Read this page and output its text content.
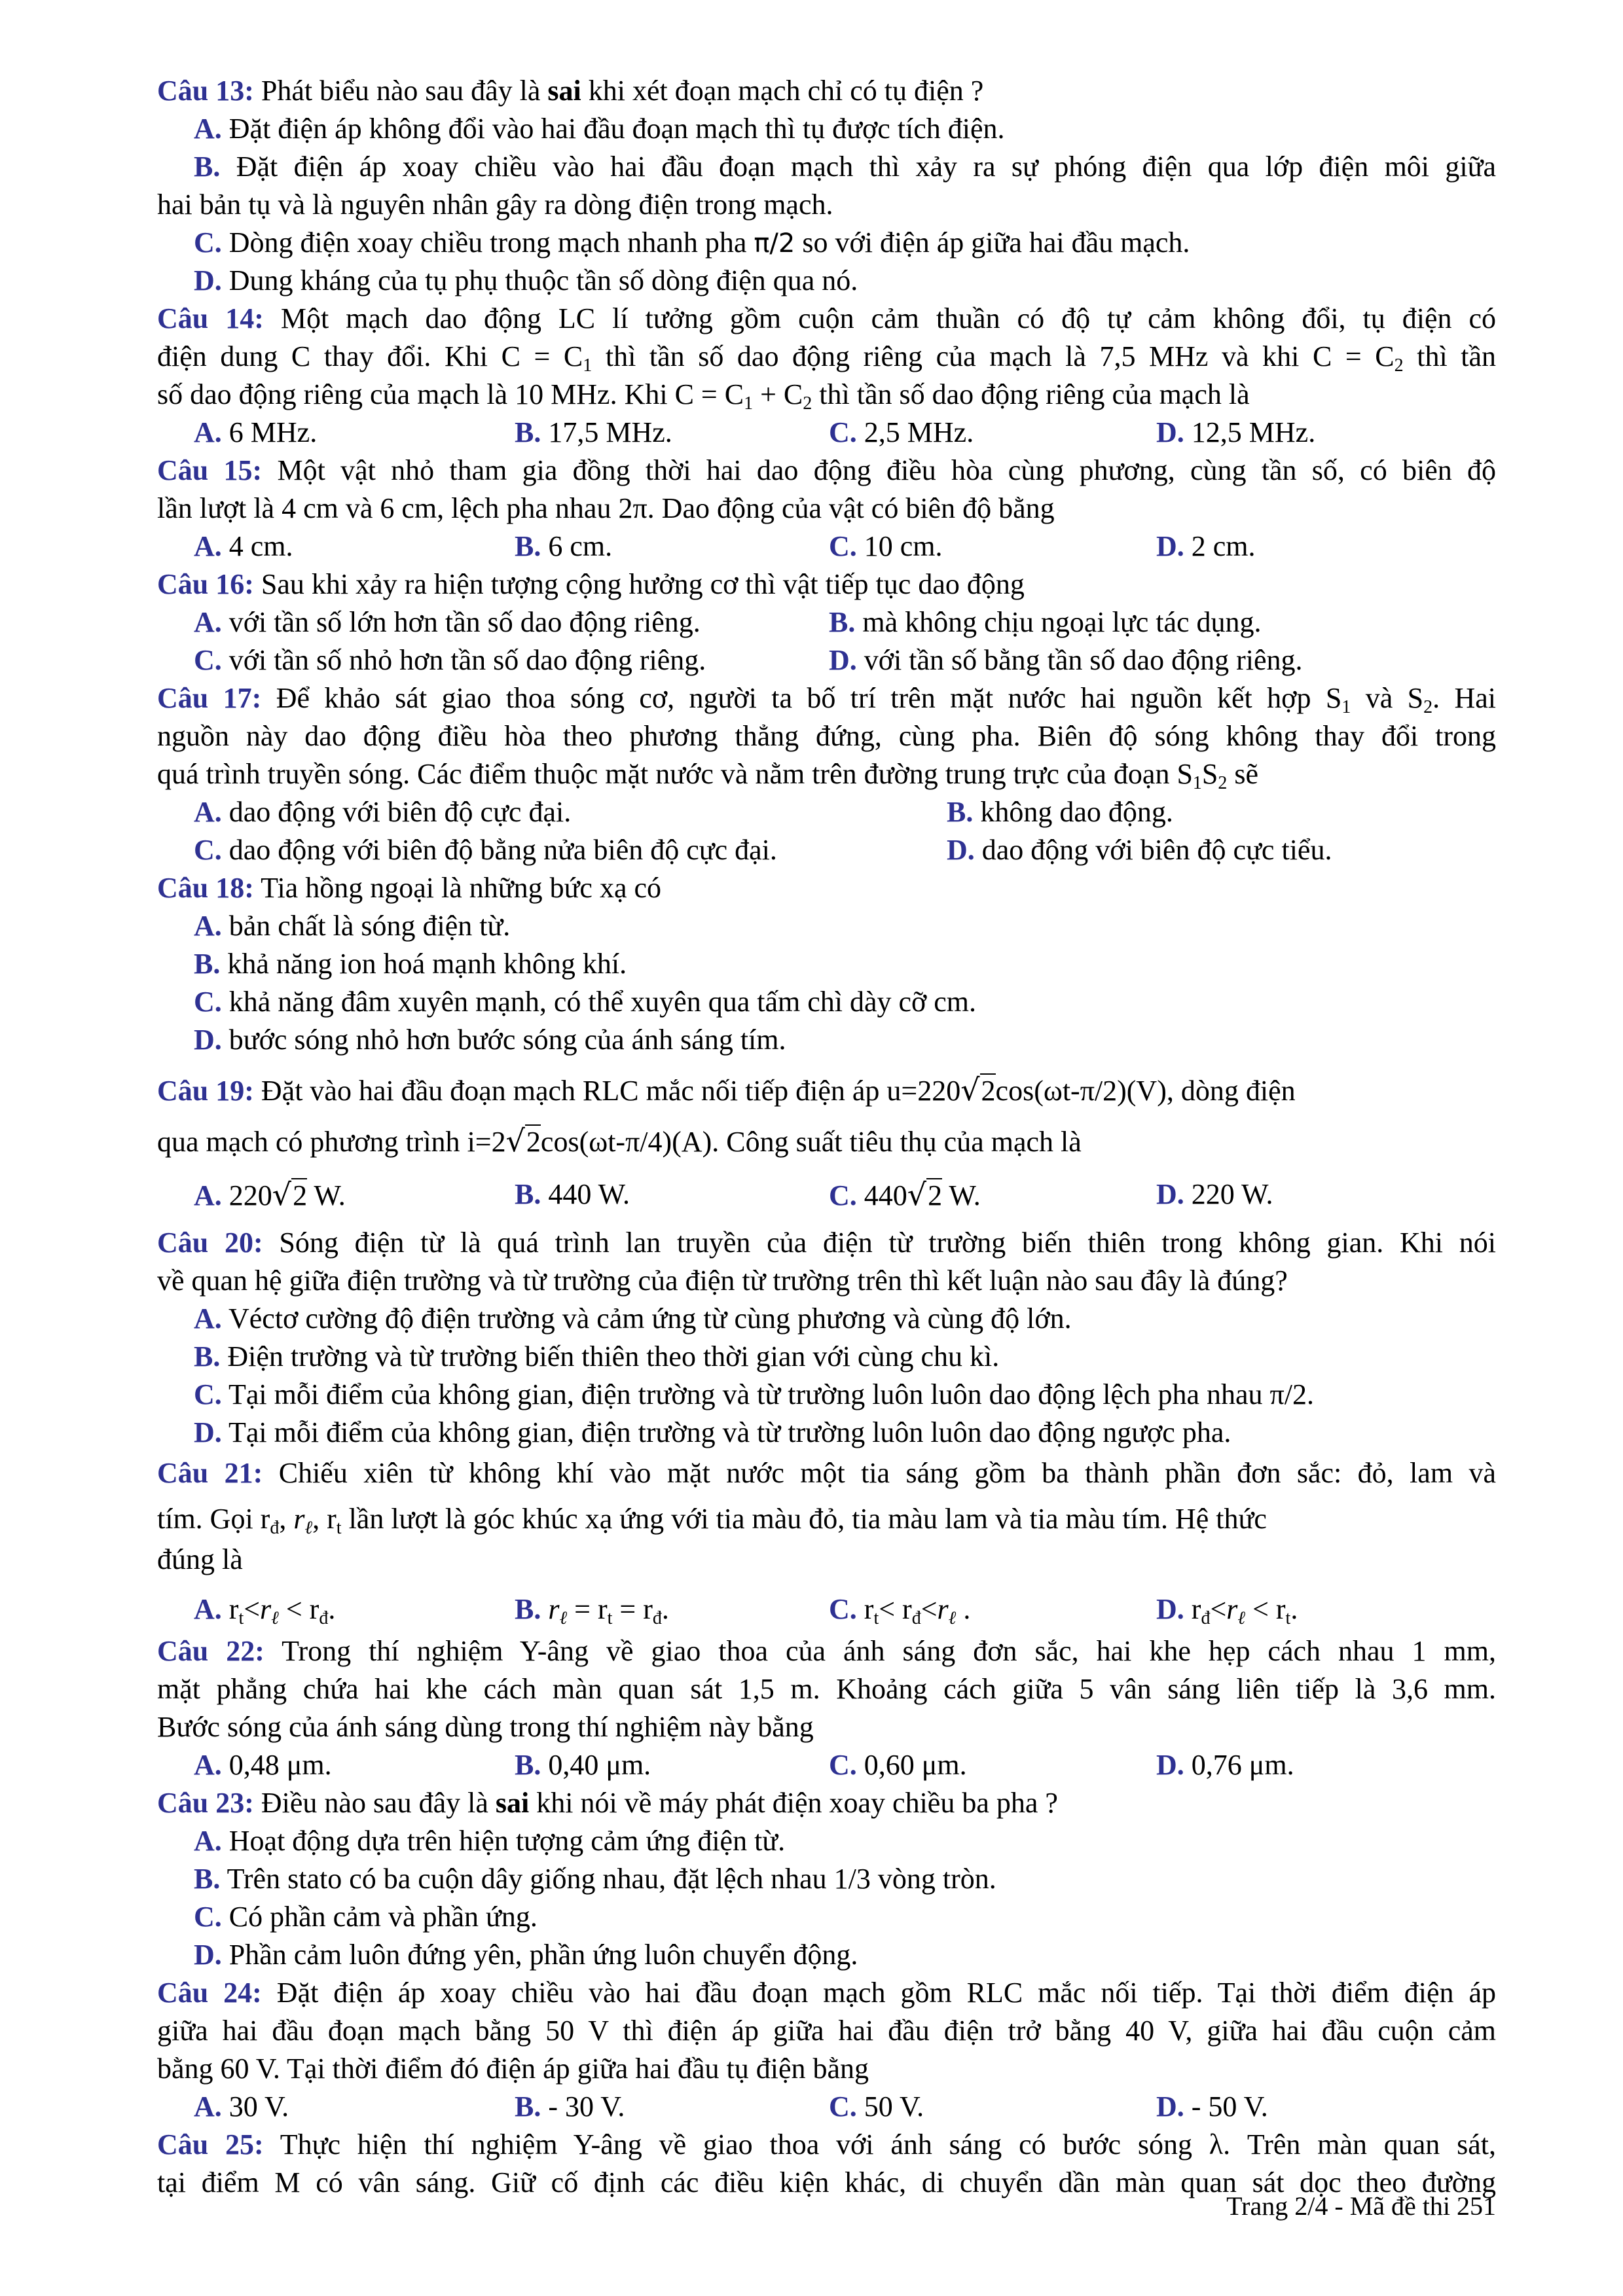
Câu 13: Phát biểu nào sau đây là sai khi xét đoạn mạch chỉ có tụ điện ?
A. Đặt điện áp không đổi vào hai đầu đoạn mạch thì tụ được tích điện.
B. Đặt điện áp xoay chiều vào hai đầu đoạn mạch thì xảy ra sự phóng điện qua lớp điện môi giữa
hai bản tụ và là nguyên nhân gây ra dòng điện trong mạch.
C. Dòng điện xoay chiều trong mạch nhanh pha π/2 so với điện áp giữa hai đầu mạch.
D. Dung kháng của tụ phụ thuộc tần số dòng điện qua nó.
Câu 14: Một mạch dao động LC lí tưởng gồm cuộn cảm thuần có độ tự cảm không đổi, tụ điện có
điện dung C thay đổi. Khi $C = C_1$ thì tần số dao động riêng của mạch là 7,5 MHz và khi $C = C_2$ thì tần
số dao động riêng của mạch là 10 MHz. Khi $C = C_1 + C_2$ thì tần số dao động riêng của mạch là
A. 6 MHz.	B. 17,5 MHz.	C. 2,5 MHz.	D. 12,5 MHz.
Câu 15: Một vật nhỏ tham gia đồng thời hai dao động điều hòa cùng phương, cùng tần số, có biên độ
lần lượt là 4 cm và 6 cm, lệch pha nhau 2π. Dao động của vật có biên độ bằng
A. 4 cm.	B. 6 cm.	C. 10 cm.	D. 2 cm.
Câu 16: Sau khi xảy ra hiện tượng cộng hưởng cơ thì vật tiếp tục dao động
A. với tần số lớn hơn tần số dao động riêng.	B. mà không chịu ngoại lực tác dụng.
C. với tần số nhỏ hơn tần số dao động riêng.	D. với tần số bằng tần số dao động riêng.
Câu 17: Để khảo sát giao thoa sóng cơ, người ta bố trí trên mặt nước hai nguồn kết hợp $S_1$ và $S_2$. Hai
nguồn này dao động điều hòa theo phương thẳng đứng, cùng pha. Biên độ sóng không thay đổi trong
quá trình truyền sóng. Các điểm thuộc mặt nước và nằm trên đường trung trực của đoạn $S_1S_2$ sẽ
A. dao động với biên độ cực đại.	B. không dao động.
C. dao động với biên độ bằng nửa biên độ cực đại.	D. dao động với biên độ cực tiểu.
Câu 18: Tia hồng ngoại là những bức xạ có
A. bản chất là sóng điện từ.
B. khả năng ion hoá mạnh không khí.
C. khả năng đâm xuyên mạnh, có thể xuyên qua tấm chì dày cỡ cm.
D. bước sóng nhỏ hơn bước sóng của ánh sáng tím.
Câu 19: Đặt vào hai đầu đoạn mạch RLC mắc nối tiếp điện áp u=220√2cos(ωt-π/2)(V), dòng điện
qua mạch có phương trình i=2√2cos(ωt-π/4)(A). Công suất tiêu thụ của mạch là
A. 220√2 W.	B. 440 W.	C. 440√2 W.	D. 220 W.
Câu 20: Sóng điện từ là quá trình lan truyền của điện từ trường biến thiên trong không gian. Khi nói
về quan hệ giữa điện trường và từ trường của điện từ trường trên thì kết luận nào sau đây là đúng?
A. Véctơ cường độ điện trường và cảm ứng từ cùng phương và cùng độ lớn.
B. Điện trường và từ trường biến thiên theo thời gian với cùng chu kì.
C. Tại mỗi điểm của không gian, điện trường và từ trường luôn luôn dao động lệch pha nhau π/2.
D. Tại mỗi điểm của không gian, điện trường và từ trường luôn luôn dao động ngược pha.
Câu 21: Chiếu xiên từ không khí vào mặt nước một tia sáng gồm ba thành phần đơn sắc: đỏ, lam và
tím. Gọi $r_đ$, $r_\ell$, $r_t$ lần lượt là góc khúc xạ ứng với tia màu đỏ, tia màu lam và tia màu tím. Hệ thức
đúng là
A. $r_t<r_\ell < r_đ$.	B. $r_\ell = r_t = r_đ$.	C. $r_t< r_đ<r_\ell$ .	D. $r_đ<r_\ell < r_t$.
Câu 22: Trong thí nghiệm Y-âng về giao thoa của ánh sáng đơn sắc, hai khe hẹp cách nhau 1 mm,
mặt phẳng chứa hai khe cách màn quan sát 1,5 m. Khoảng cách giữa 5 vân sáng liên tiếp là 3,6 mm.
Bước sóng của ánh sáng dùng trong thí nghiệm này bằng
A. 0,48 μm.	B. 0,40 μm.	C. 0,60 μm.	D. 0,76 μm.
Câu 23: Điều nào sau đây là sai khi nói về máy phát điện xoay chiều ba pha ?
A. Hoạt động dựa trên hiện tượng cảm ứng điện từ.
B. Trên stato có ba cuộn dây giống nhau, đặt lệch nhau 1/3 vòng tròn.
C. Có phần cảm và phần ứng.
D. Phần cảm luôn đứng yên, phần ứng luôn chuyển động.
Câu 24: Đặt điện áp xoay chiều vào hai đầu đoạn mạch gồm RLC mắc nối tiếp. Tại thời điểm điện áp
giữa hai đầu đoạn mạch bằng 50 V thì điện áp giữa hai đầu điện trở bằng 40 V, giữa hai đầu cuộn cảm
bằng 60 V. Tại thời điểm đó điện áp giữa hai đầu tụ điện bằng
A. 30 V.	B. - 30 V.	C. 50 V.	D. - 50 V.
Câu 25: Thực hiện thí nghiệm Y-âng về giao thoa với ánh sáng có bước sóng λ. Trên màn quan sát,
tại điểm M có vân sáng. Giữ cố định các điều kiện khác, di chuyển dần màn quan sát dọc theo đường
Trang 2/4 - Mã đề thi 251
